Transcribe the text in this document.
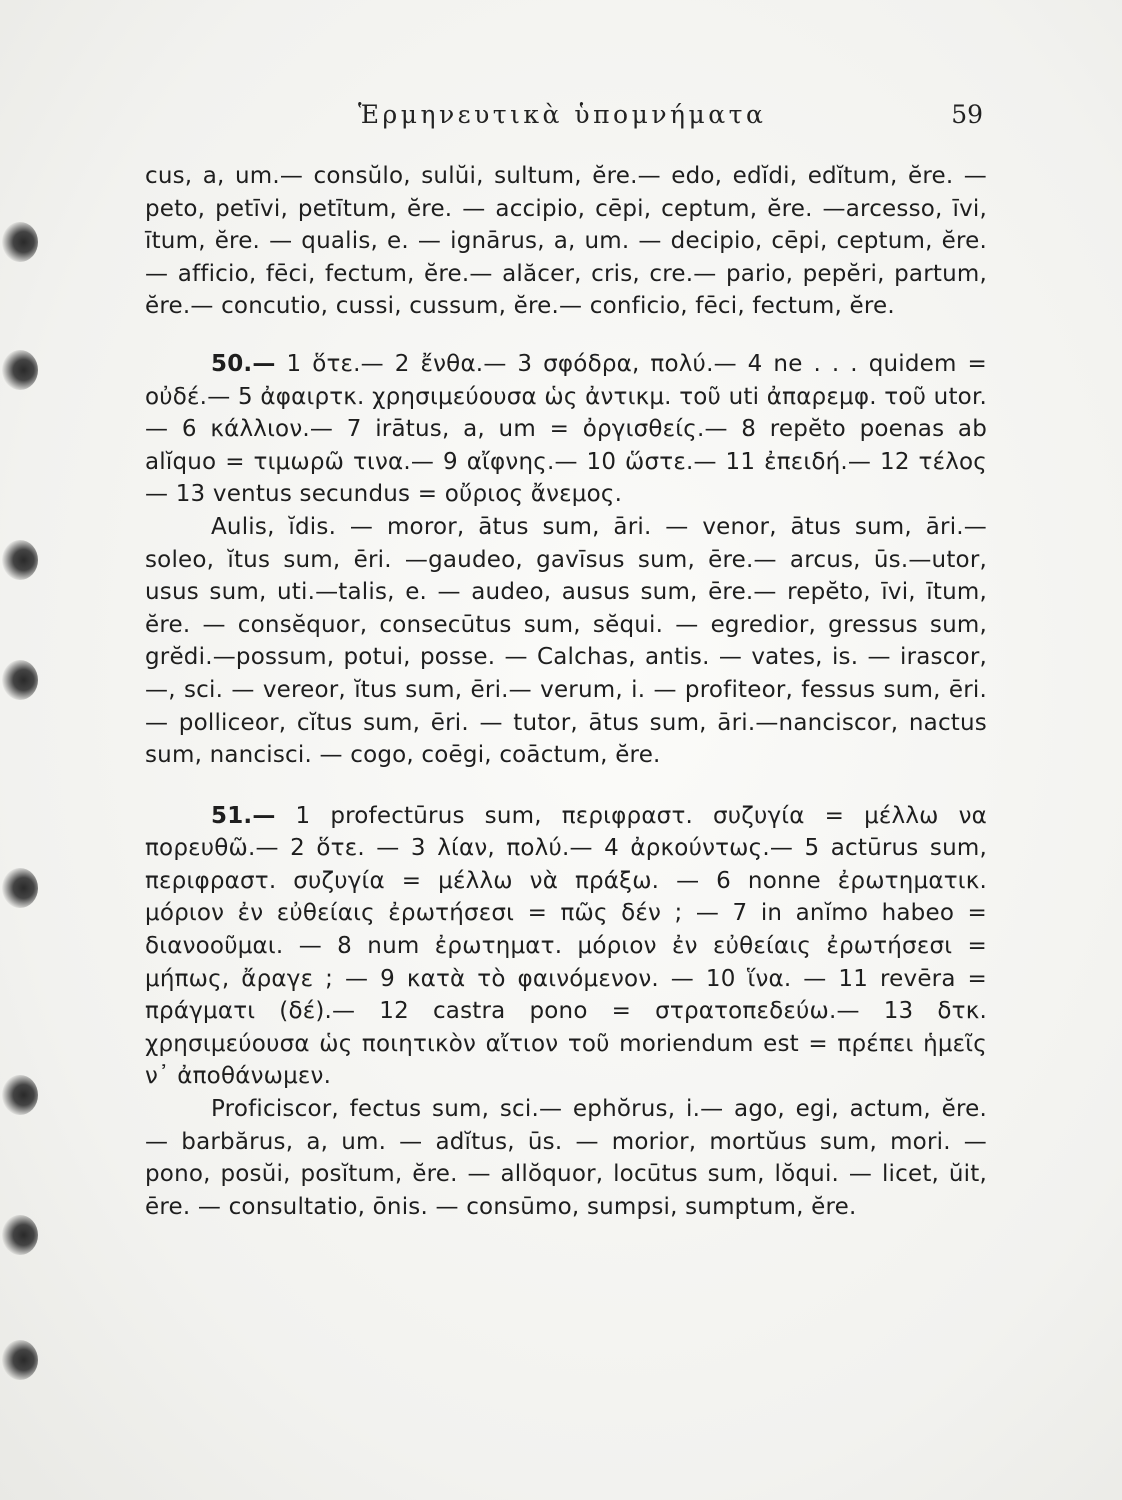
Ἑρμηνευτικὰ ὑπομνήματα	59

cus, a, um.— consŭlo, sulŭi, sultum, ĕre.— edo, edĭdi, edĭtum, ĕre. — peto, petīvi, petītum, ĕre. — accipio, cēpi, ceptum, ĕre. —arcesso, īvi, ītum, ĕre. — qualis, e. — ignārus, a, um. — decipio, cēpi, ceptum, ĕre. — afficio, fēci, fectum, ĕre.— alăcer, cris, cre.— pario, pepĕri, partum, ĕre.— concutio, cussi, cussum, ĕre.— conficio, fēci, fectum, ĕre.

50.— 1 ὅτε.— 2 ἔνθα.— 3 σφόδρα, πολύ.— 4 ne . . . quidem = οὐδέ.— 5 ἀφαιρτκ. χρησιμεύουσα ὡς ἀντικμ. τοῦ uti ἀπαρεμφ. τοῦ utor.— 6 κάλλιον.— 7 irātus, a, um = ὀργισθείς.— 8 repĕto poenas ab alĭquo = τιμωρῶ τινα.— 9 αἴφνης.— 10 ὥστε.— 11 ἐπειδή.— 12 τέλος — 13 ventus secundus = οὔριος ἄνεμος.

Aulis, ĭdis. — moror, ātus sum, āri. — venor, ātus sum, āri.— soleo, ĭtus sum, ēri. —gaudeo, gavīsus sum, ēre.— arcus, ūs.—utor, usus sum, uti.—talis, e. — audeo, ausus sum, ēre.— repĕto, īvi, ītum, ĕre. — consĕquor, consecūtus sum, sĕqui. — egredior, gressus sum, grĕdi.—possum, potui, posse. — Calchas, antis. — vates, is. — irascor,—, sci. — vereor, ĭtus sum, ēri.— verum, i. — profiteor, fessus sum, ēri. — polliceor, cĭtus sum, ēri. — tutor, ātus sum, āri.—nanciscor, nactus sum, nancisci. — cogo, coēgi, coāctum, ĕre.

51.— 1 profectūrus sum, περιφραστ. συζυγία = μέλλω να πορευθῶ.— 2 ὅτε. — 3 λίαν, πολύ.— 4 ἀρκούντως.— 5 actūrus sum, περιφραστ. συζυγία = μέλλω νὰ πράξω. — 6 nonne ἐρωτηματικ. μόριον ἐν εὐθείαις ἐρωτήσεσι = πῶς δέν ; — 7 in anĭmo habeo = διανοοῦμαι. — 8 num ἐρωτηματ. μόριον ἐν εὐθείαις ἐρωτήσεσι = μήπως, ἄραγε ; — 9 κατὰ τὸ φαινόμενον. — 10 ἵνα. — 11 revēra = πράγματι (δέ).— 12 castra pono = στρατοπεδεύω.— 13 δτκ. χρησιμεύουσα ὡς ποιητικὸν αἴτιον τοῦ moriendum est = πρέπει ἡμεῖς ν᾽ ἀποθάνωμεν.

Proficiscor, fectus sum, sci.— ephŏrus, i.— ago, egi, actum, ĕre. — barbărus, a, um. — adĭtus, ūs. — morior, mortŭus sum, mori. — pono, posŭi, posĭtum, ĕre. — allŏquor, locūtus sum, lŏqui. — licet, ŭit, ēre. — consultatio, ōnis. — consūmo, sumpsi, sumptum, ĕre.
